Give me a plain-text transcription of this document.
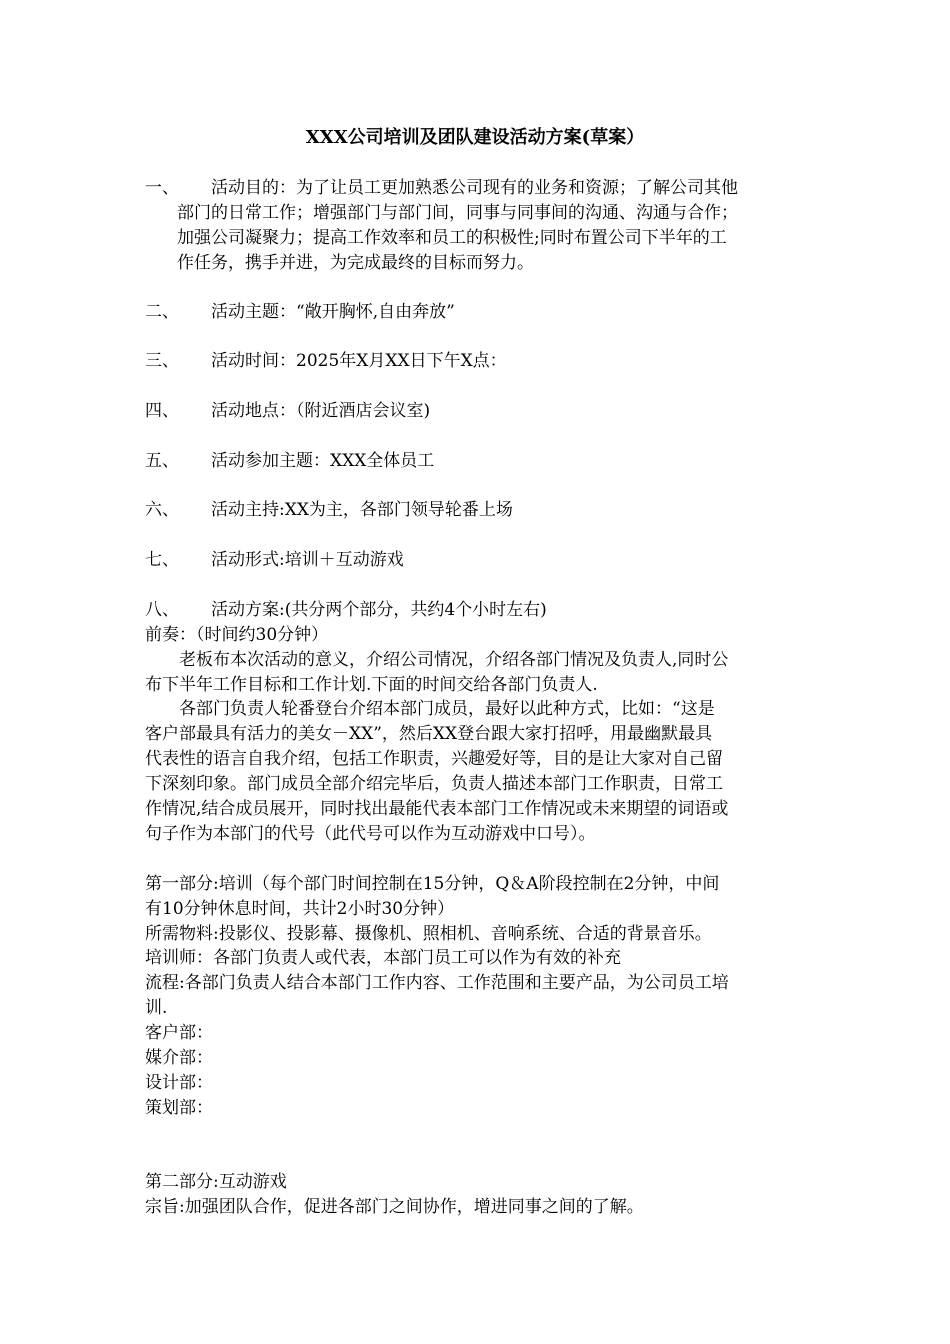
XXX公司培训及团队建设活动方案(草案）
一、 活动目的：为了让员工更加熟悉公司现有的业务和资源；了解公司其他
部门的日常工作；增强部门与部门间，同事与同事间的沟通、沟通与合作；
加强公司凝聚力；提高工作效率和员工的积极性;同时布置公司下半年的工
作任务，携手并进，为完成最终的目标而努力。
二、 活动主题：“敞开胸怀,自由奔放”
三、 活动时间：2025年X月XX日下午X点：
四、 活动地点：（附近酒店会议室)
五、 活动参加主题：XXX全体员工
六、 活动主持:XX为主，各部门领导轮番上场
七、 活动形式:培训＋互动游戏
八、 活动方案:(共分两个部分，共约4个小时左右)
前奏：（时间约30分钟）
　　老板布本次活动的意义，介绍公司情况，介绍各部门情况及负责人,同时公
布下半年工作目标和工作计划.下面的时间交给各部门负责人.
　　各部门负责人轮番登台介绍本部门成员，最好以此种方式，比如：“这是
客户部最具有活力的美女－XX”，然后XX登台跟大家打招呼，用最幽默最具
代表性的语言自我介绍，包括工作职责，兴趣爱好等，目的是让大家对自己留
下深刻印象。部门成员全部介绍完毕后，负责人描述本部门工作职责，日常工
作情况,结合成员展开，同时找出最能代表本部门工作情况或未来期望的词语或
句子作为本部门的代号（此代号可以作为互动游戏中口号）。
第一部分:培训（每个部门时间控制在15分钟，Q＆A阶段控制在2分钟，中间
有10分钟休息时间，共计2小时30分钟）
所需物料:投影仪、投影幕、摄像机、照相机、音响系统、合适的背景音乐。
培训师：各部门负责人或代表，本部门员工可以作为有效的补充
流程:各部门负责人结合本部门工作内容、工作范围和主要产品，为公司员工培
训.
客户部：
媒介部：
设计部：
策划部：
第二部分:互动游戏
宗旨:加强团队合作，促进各部门之间协作，增进同事之间的了解。
